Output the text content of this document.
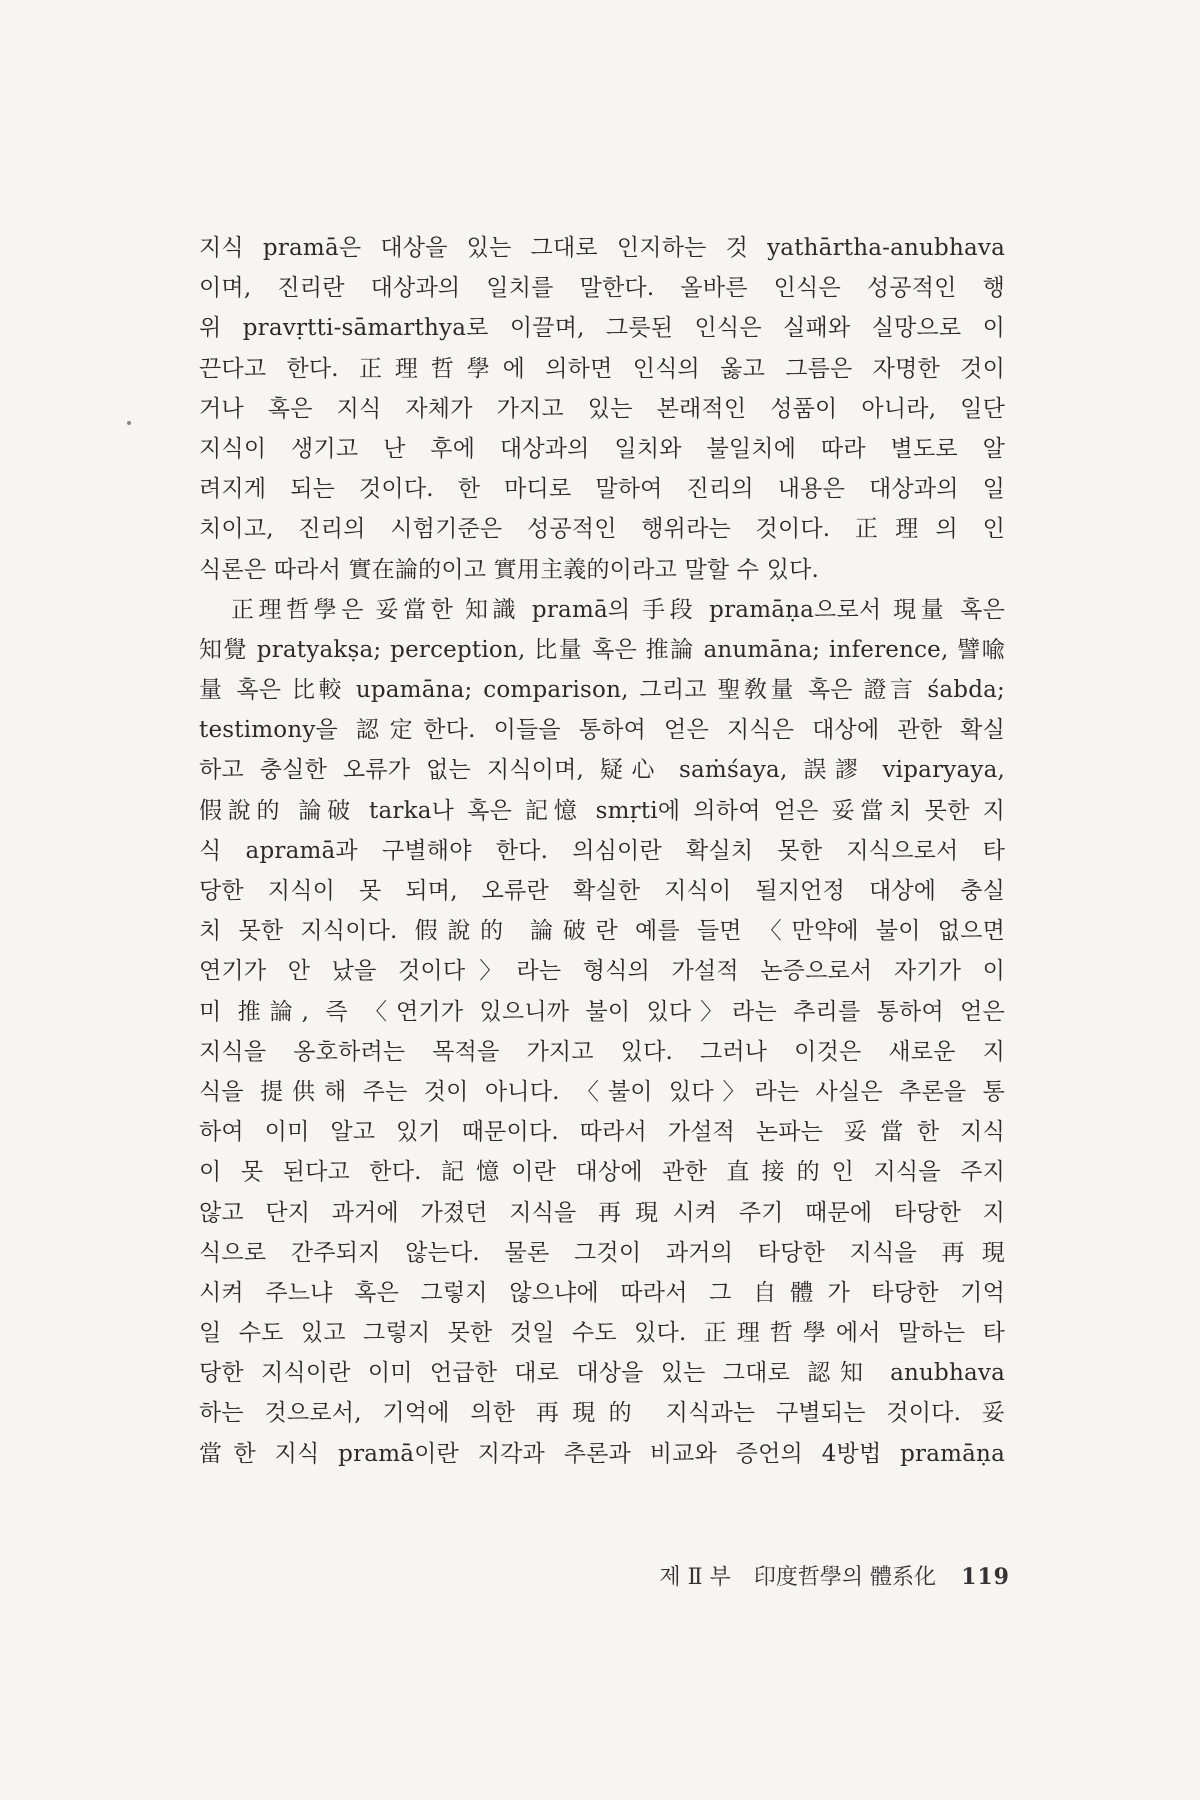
지식 pramā은 대상을 있는 그대로 인지하는 것 yathārtha-anubhava
이며, 진리란 대상과의 일치를 말한다. 올바른 인식은 성공적인 행
위 pravṛtti-sāmarthya로 이끌며, 그릇된 인식은 실패와 실망으로 이
끈다고 한다. 正理哲學에 의하면 인식의 옳고 그름은 자명한 것이
거나 혹은 지식 자체가 가지고 있는 본래적인 성품이 아니라, 일단
지식이 생기고 난 후에 대상과의 일치와 불일치에 따라 별도로 알
려지게 되는 것이다. 한 마디로 말하여 진리의 내용은 대상과의 일
치이고, 진리의 시험기준은 성공적인 행위라는 것이다. 正理의 인
식론은 따라서 實在論的이고 實用主義的이라고 말할 수 있다.
正理哲學은 妥當한 知識 pramā의 手段 pramāṇa으로서 現量 혹은
知覺 pratyakṣa; perception, 比量 혹은 推論 anumāna; inference, 譬喩
量 혹은 比較 upamāna; comparison, 그리고 聖敎量 혹은 證言 śabda;
testimony을 認定한다. 이들을 통하여 얻은 지식은 대상에 관한 확실
하고 충실한 오류가 없는 지식이며, 疑心 saṁśaya, 誤謬 viparyaya,
假說的 論破 tarka나 혹은 記憶 smṛti에 의하여 얻은 妥當치 못한 지
식 apramā과 구별해야 한다. 의심이란 확실치 못한 지식으로서 타
당한 지식이 못 되며, 오류란 확실한 지식이 될지언정 대상에 충실
치 못한 지식이다. 假說的 論破란 예를 들면 〈만약에 불이 없으면
연기가 안 났을 것이다〉라는 형식의 가설적 논증으로서 자기가 이
미 推論, 즉 〈연기가 있으니까 불이 있다〉라는 추리를 통하여 얻은
지식을 옹호하려는 목적을 가지고 있다. 그러나 이것은 새로운 지
식을 提供해 주는 것이 아니다. 〈불이 있다〉라는 사실은 추론을 통
하여 이미 알고 있기 때문이다. 따라서 가설적 논파는 妥當한 지식
이 못 된다고 한다. 記憶이란 대상에 관한 直接的인 지식을 주지
않고 단지 과거에 가졌던 지식을 再現시켜 주기 때문에 타당한 지
식으로 간주되지 않는다. 물론 그것이 과거의 타당한 지식을 再現
시켜 주느냐 혹은 그렇지 않으냐에 따라서 그 自體가 타당한 기억
일 수도 있고 그렇지 못한 것일 수도 있다. 正理哲學에서 말하는 타
당한 지식이란 이미 언급한 대로 대상을 있는 그대로 認知 anubhava
하는 것으로서, 기억에 의한 再現的 지식과는 구별되는 것이다. 妥
當한 지식 pramā이란 지각과 추론과 비교와 증언의 4방법 pramāṇa
제 Ⅱ 부 印度哲學의 體系化 119
